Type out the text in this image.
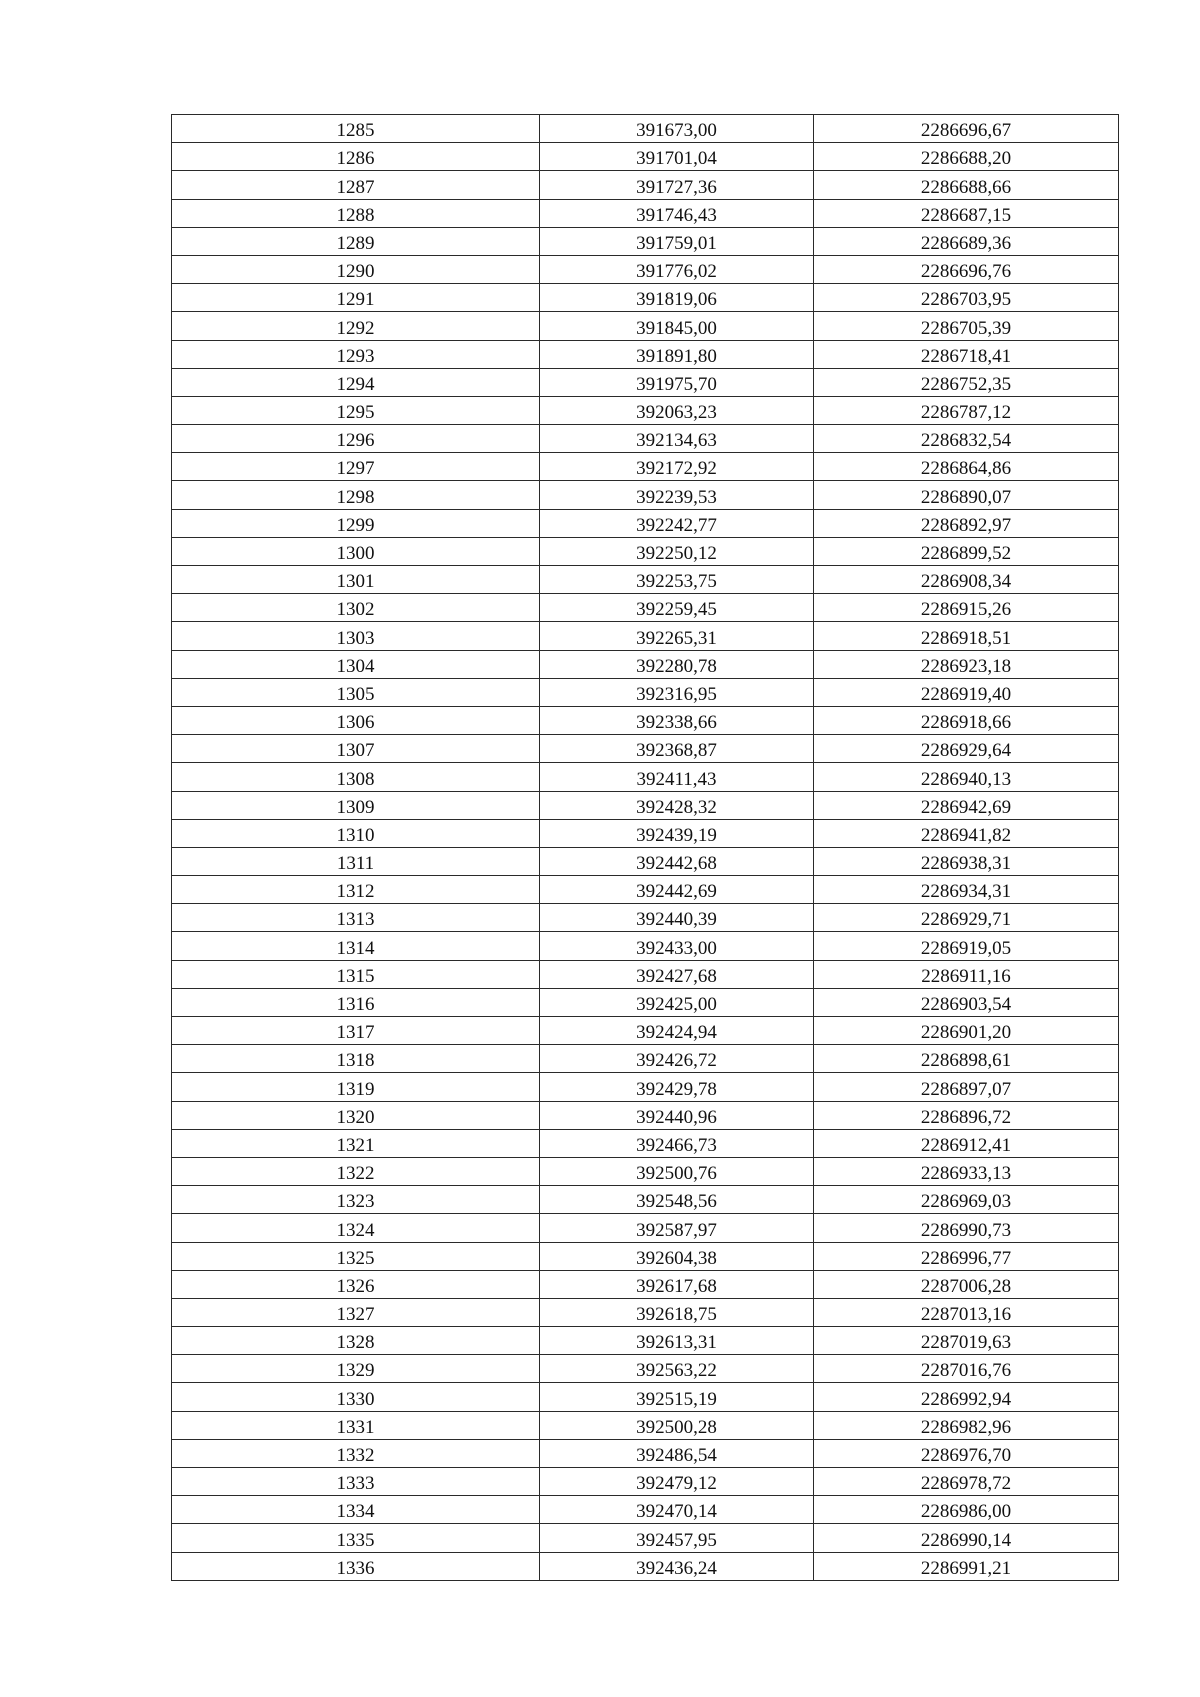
1285	391673,00	2286696,67
1286	391701,04	2286688,20
1287	391727,36	2286688,66
1288	391746,43	2286687,15
1289	391759,01	2286689,36
1290	391776,02	2286696,76
1291	391819,06	2286703,95
1292	391845,00	2286705,39
1293	391891,80	2286718,41
1294	391975,70	2286752,35
1295	392063,23	2286787,12
1296	392134,63	2286832,54
1297	392172,92	2286864,86
1298	392239,53	2286890,07
1299	392242,77	2286892,97
1300	392250,12	2286899,52
1301	392253,75	2286908,34
1302	392259,45	2286915,26
1303	392265,31	2286918,51
1304	392280,78	2286923,18
1305	392316,95	2286919,40
1306	392338,66	2286918,66
1307	392368,87	2286929,64
1308	392411,43	2286940,13
1309	392428,32	2286942,69
1310	392439,19	2286941,82
1311	392442,68	2286938,31
1312	392442,69	2286934,31
1313	392440,39	2286929,71
1314	392433,00	2286919,05
1315	392427,68	2286911,16
1316	392425,00	2286903,54
1317	392424,94	2286901,20
1318	392426,72	2286898,61
1319	392429,78	2286897,07
1320	392440,96	2286896,72
1321	392466,73	2286912,41
1322	392500,76	2286933,13
1323	392548,56	2286969,03
1324	392587,97	2286990,73
1325	392604,38	2286996,77
1326	392617,68	2287006,28
1327	392618,75	2287013,16
1328	392613,31	2287019,63
1329	392563,22	2287016,76
1330	392515,19	2286992,94
1331	392500,28	2286982,96
1332	392486,54	2286976,70
1333	392479,12	2286978,72
1334	392470,14	2286986,00
1335	392457,95	2286990,14
1336	392436,24	2286991,21
